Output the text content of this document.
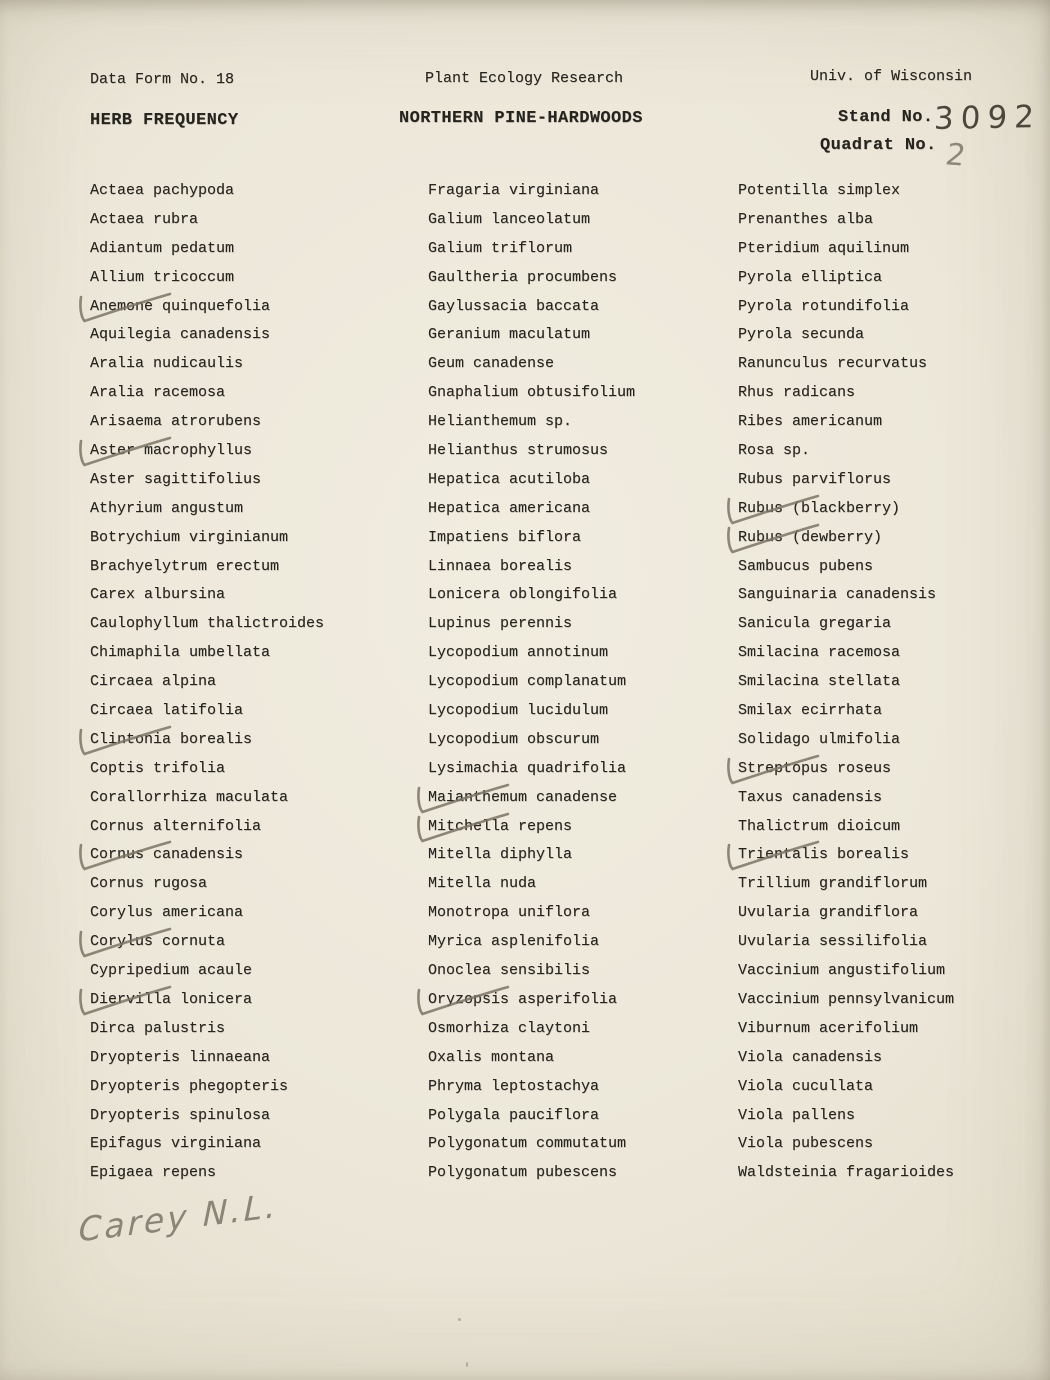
Data Form No. 18	Plant Ecology Research	Univ. of Wisconsin
HERB FREQUENCY	NORTHERN PINE-HARDWOODS	Stand No. 3092
Quadrat No. 2
Actaea pachypoda
Actaea rubra
Adiantum pedatum
Allium tricoccum
Anemone quinquefolia
Aquilegia canadensis
Aralia nudicaulis
Aralia racemosa
Arisaema atrorubens
Aster macrophyllus
Aster sagittifolius
Athyrium angustum
Botrychium virginianum
Brachyelytrum erectum
Carex albursina
Caulophyllum thalictroides
Chimaphila umbellata
Circaea alpina
Circaea latifolia
Clintonia borealis
Coptis trifolia
Corallorrhiza maculata
Cornus alternifolia
Cornus canadensis
Cornus rugosa
Corylus americana
Corylus cornuta
Cypripedium acaule
Diervilla lonicera
Dirca palustris
Dryopteris linnaeana
Dryopteris phegopteris
Dryopteris spinulosa
Epifagus virginiana
Epigaea repens
Fragaria virginiana
Galium lanceolatum
Galium triflorum
Gaultheria procumbens
Gaylussacia baccata
Geranium maculatum
Geum canadense
Gnaphalium obtusifolium
Helianthemum sp.
Helianthus strumosus
Hepatica acutiloba
Hepatica americana
Impatiens biflora
Linnaea borealis
Lonicera oblongifolia
Lupinus perennis
Lycopodium annotinum
Lycopodium complanatum
Lycopodium lucidulum
Lycopodium obscurum
Lysimachia quadrifolia
Maianthemum canadense
Mitchella repens
Mitella diphylla
Mitella nuda
Monotropa uniflora
Myrica asplenifolia
Onoclea sensibilis
Oryzopsis asperifolia
Osmorhiza claytoni
Oxalis montana
Phryma leptostachya
Polygala pauciflora
Polygonatum commutatum
Polygonatum pubescens
Potentilla simplex
Prenanthes alba
Pteridium aquilinum
Pyrola elliptica
Pyrola rotundifolia
Pyrola secunda
Ranunculus recurvatus
Rhus radicans
Ribes americanum
Rosa sp.
Rubus parviflorus
Rubus (blackberry)
Rubus (dewberry)
Sambucus pubens
Sanguinaria canadensis
Sanicula gregaria
Smilacina racemosa
Smilacina stellata
Smilax ecirrhata
Solidago ulmifolia
Streptopus roseus
Taxus canadensis
Thalictrum dioicum
Trientalis borealis
Trillium grandiflorum
Uvularia grandiflora
Uvularia sessilifolia
Vaccinium angustifolium
Vaccinium pennsylvanicum
Viburnum acerifolium
Viola canadensis
Viola cucullata
Viola pallens
Viola pubescens
Waldsteinia fragarioides
Carey N.L.
